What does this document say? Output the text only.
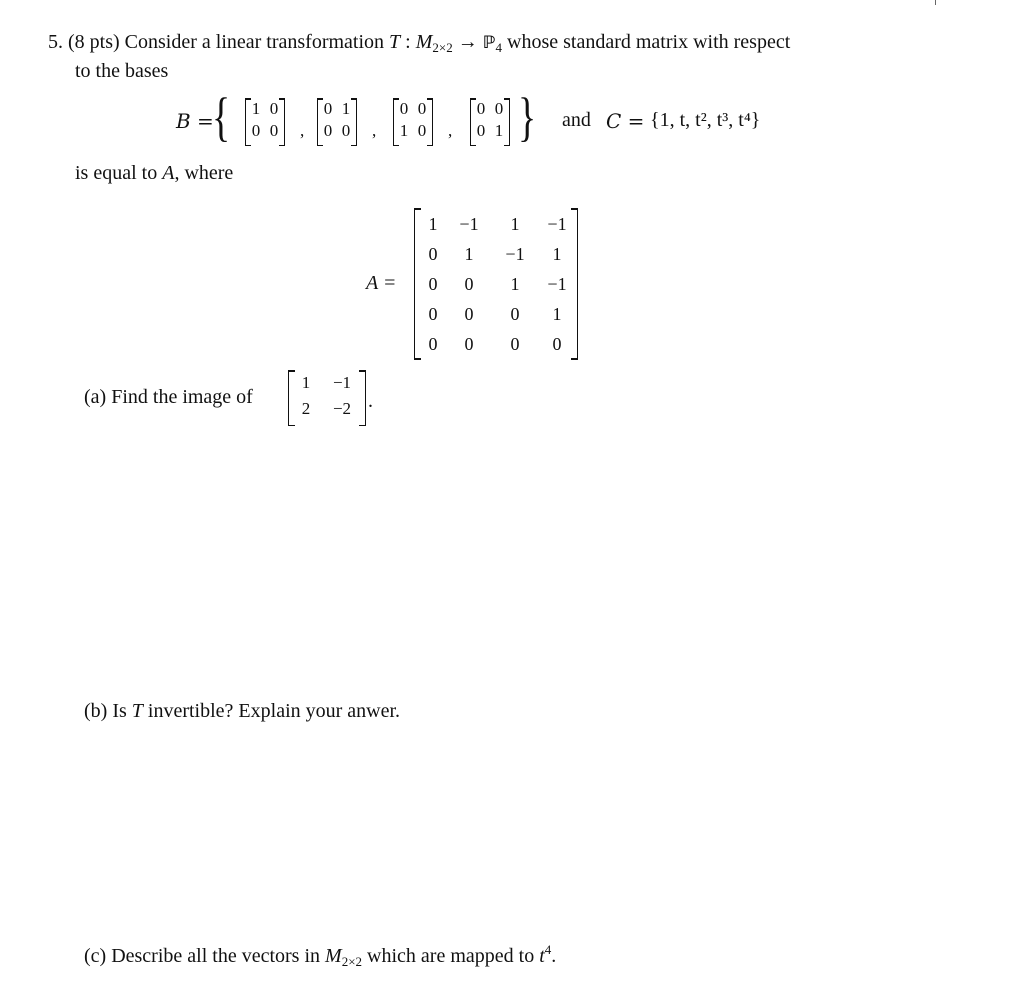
5. (8 pts) Consider a linear transformation T : $M_{2\times 2}$ → ℙ$_4$ whose standard matrix with respect
to the bases
B =
{ 1 0
0 0 ,
0 1
0 0 ,
0 0
1 0 ,
0 0
0 1 } and C = {1, t, t², t³, t⁴}
is equal to A, where
A =
1	−1	1	−1
0	1	−1	1
0	0	1	−1
0	0	0	1
0	0	0	0
(a) Find the image of
1	−1
2	−2 .
(b) Is T invertible? Explain your anwer.
(c) Describe all the vectors in $M_{2\times 2}$ which are mapped to $t^4$.
